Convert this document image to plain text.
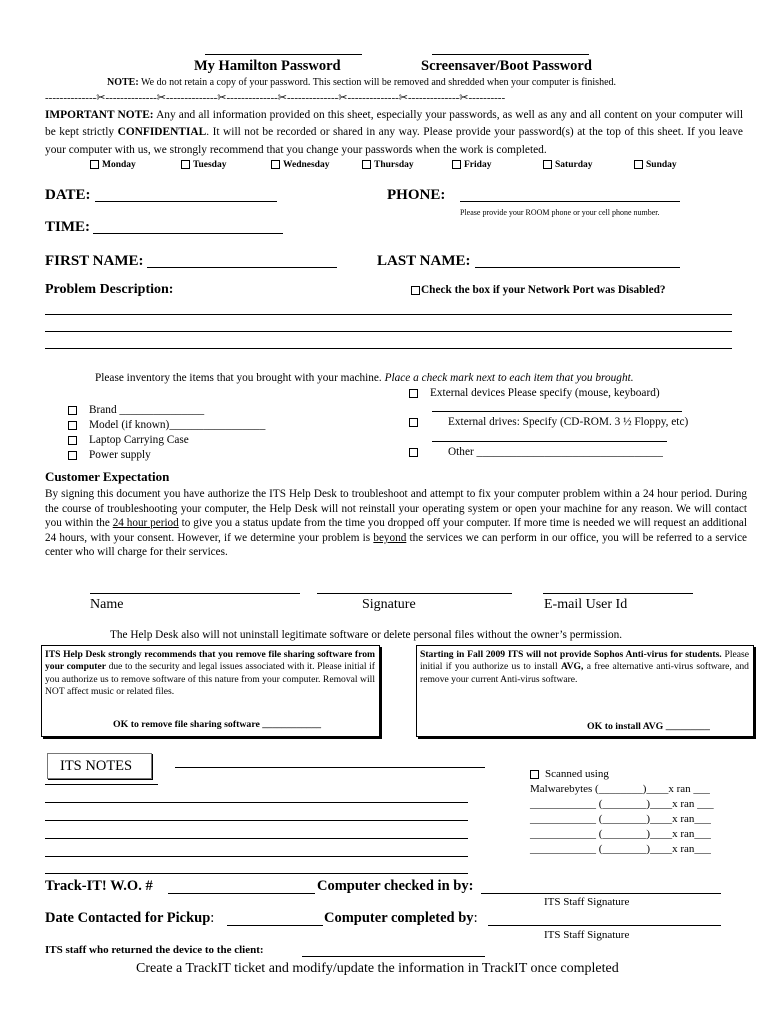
My Hamilton Password	Screensaver/Boot Password
NOTE: We do not retain a copy of your password. This section will be removed and shredded when your computer is finished.
--------------✂--------------✂--------------✂--------------✂--------------✂--------------✂--------------✂----------
IMPORTANT NOTE: Any and all information provided on this sheet, especially your passwords, as well as any and all content on your computer will be kept strictly CONFIDENTIAL. It will not be recorded or shared in any way. Please provide your password(s) at the top of this sheet. If you leave your computer with us, we strongly recommend that you change your passwords when the work is completed.
Monday	Tuesday	Wednesday	Thursday	Friday	Saturday	Sunday
DATE:	PHONE:
Please provide your ROOM phone or your cell phone number.
TIME:
FIRST NAME:	LAST NAME:
Problem Description:	Check the box if your Network Port was Disabled?
Please inventory the items that you brought with your machine. Place a check mark next to each item that you brought.
External devices Please specify (mouse, keyboard)
Brand _______________
Model (if known)_________________
Laptop Carrying Case
Power supply
External drives: Specify (CD-ROM. 3 ½ Floppy, etc)
Other _________________________________
Customer Expectation
By signing this document you have authorize the ITS Help Desk to troubleshoot and attempt to fix your computer problem within a 24 hour period. During the course of troubleshooting your computer, the Help Desk will not reinstall your operating system or open your machine for any reason. We will contact you within the 24 hour period to give you a status update from the time you dropped off your computer. If more time is needed we will request an additional 24 hours, with your consent. However, if we determine your problem is beyond the services we can perform in our office, you will be referred to a service center who will charge for their services.
Name	Signature	E-mail User Id
The Help Desk also will not uninstall legitimate software or delete personal files without the owner’s permission.
ITS Help Desk strongly recommends that you remove file sharing software from your computer due to the security and legal issues associated with it. Please initial if you authorize us to remove software of this nature from your computer. Removal will NOT affect music or related files.
OK to remove file sharing software ____________
Starting in Fall 2009 ITS will not provide Sophos Anti-virus for students. Please initial if you authorize us to install AVG, a free alternative anti-virus software, and remove your current Anti-virus software.
OK to install AVG _________
ITS NOTES	Scanned using
Malwarebytes (________)____x ran ___
____________ (________)____x ran ___
____________ (________)____x ran___
____________ (________)____x ran___
____________ (________)____x ran___
Track-IT! W.O. #	Computer checked in by:
ITS Staff Signature
Date Contacted for Pickup:	Computer completed by:
ITS Staff Signature
ITS staff who returned the device to the client:
Create a TrackIT ticket and modify/update the information in TrackIT once completed
